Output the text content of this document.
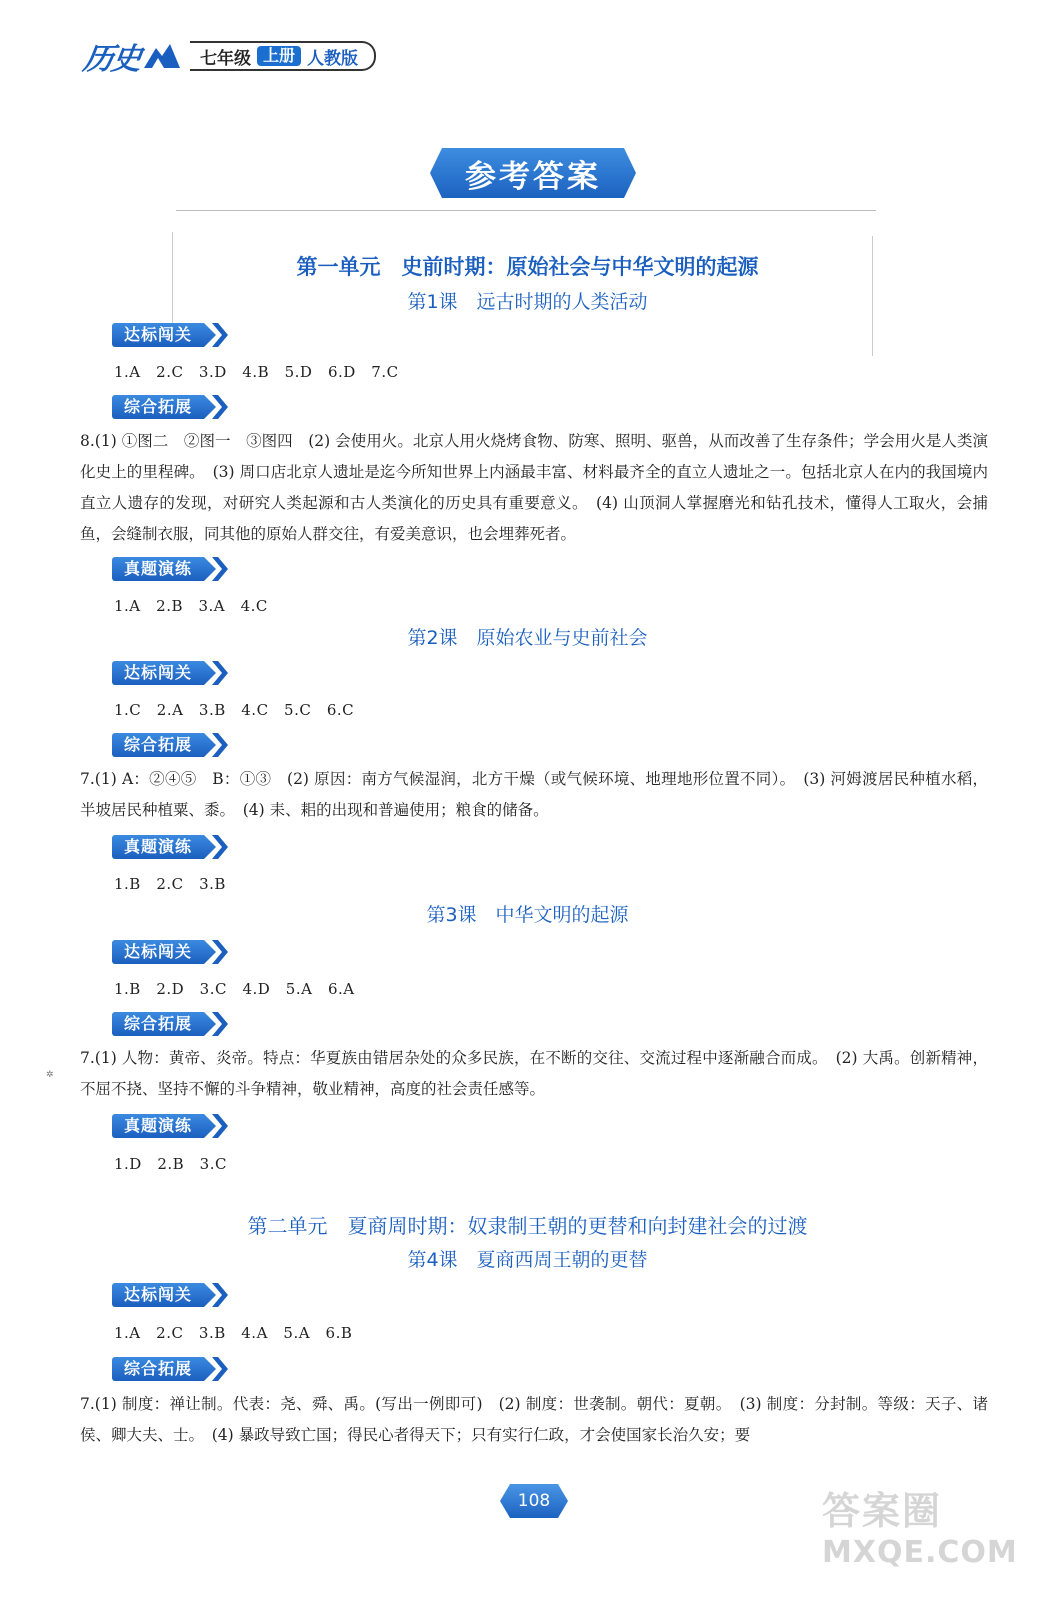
历史	七年级 上册 人教版
参考答案
第一单元　史前时期：原始社会与中华文明的起源
第1课　远古时期的人类活动
达标闯关
1.A　2.C　3.D　4.B　5.D　6.D　7.C
综合拓展
8.(1) ①图二　②图一　③图四　(2) 会使用火。北京人用火烧烤食物、防寒、照明、驱兽，从而改善了生存条件；学会用火是人类演化史上的里程碑。　(3) 周口店北京人遗址是迄今所知世界上内涵最丰富、材料最齐全的直立人遗址之一。包括北京人在内的我国境内直立人遗存的发现，对研究人类起源和古人类演化的历史具有重要意义。　(4) 山顶洞人掌握磨光和钻孔技术，懂得人工取火，会捕鱼，会缝制衣服，同其他的原始人群交往，有爱美意识，也会埋葬死者。
真题演练
1.A　2.B　3.A　4.C
第2课　原始农业与史前社会
达标闯关
1.C　2.A　3.B　4.C　5.C　6.C
综合拓展
7.(1) A：②④⑤　B：①③　(2) 原因：南方气候湿润，北方干燥（或气候环境、地理地形位置不同）。　(3) 河姆渡居民种植水稻，半坡居民种植粟、黍。　(4) 耒、耜的出现和普遍使用；粮食的储备。
真题演练
1.B　2.C　3.B
第3课　中华文明的起源
达标闯关
1.B　2.D　3.C　4.D　5.A　6.A
综合拓展
7.(1) 人物：黄帝、炎帝。特点：华夏族由错居杂处的众多民族，在不断的交往、交流过程中逐渐融合而成。　(2) 大禹。创新精神，不屈不挠、坚持不懈的斗争精神，敬业精神，高度的社会责任感等。
真题演练
1.D　2.B　3.C
第二单元　夏商周时期：奴隶制王朝的更替和向封建社会的过渡
第4课　夏商西周王朝的更替
达标闯关
1.A　2.C　3.B　4.A　5.A　6.B
综合拓展
7.(1) 制度：禅让制。代表：尧、舜、禹。(写出一例即可)　(2) 制度：世袭制。朝代：夏朝。　(3) 制度：分封制。等级：天子、诸侯、卿大夫、士。　(4) 暴政导致亡国；得民心者得天下；只有实行仁政，才会使国家长治久安；要
108	答案圈
MXQE.COM
✲
